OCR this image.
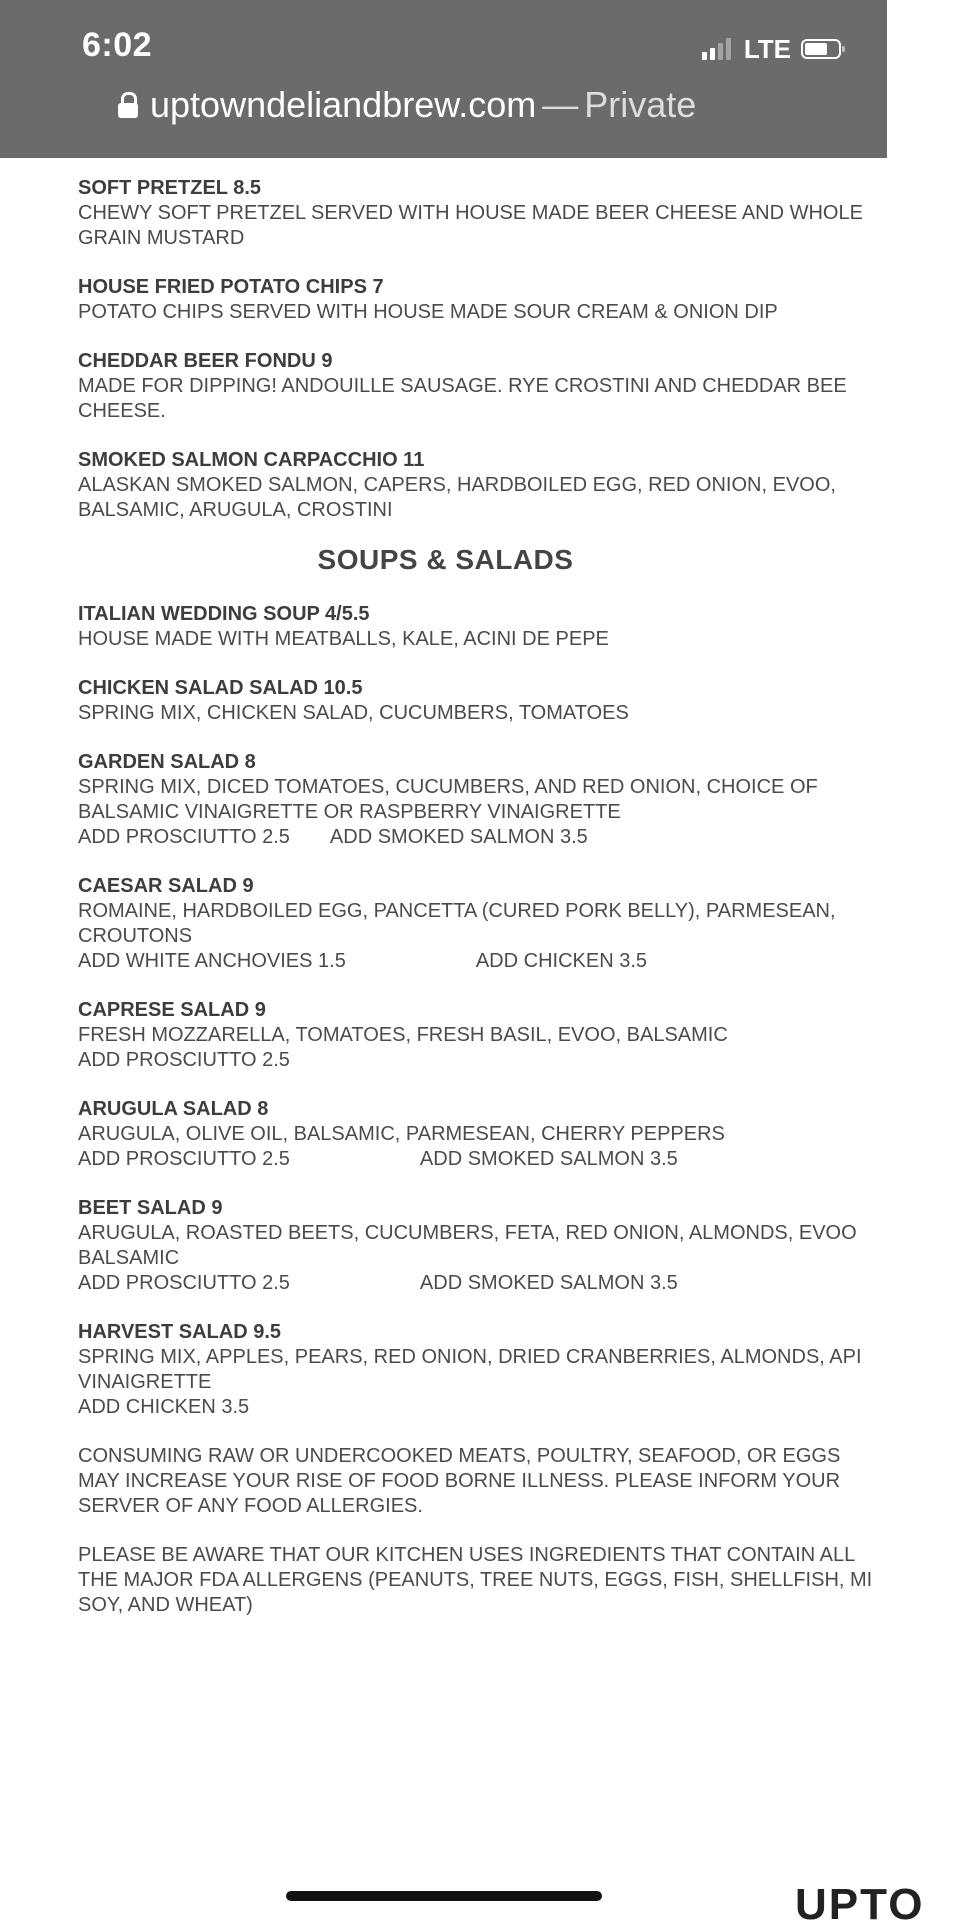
6:02	LTE
uptowndeliandbrew.com — Private
SOFT PRETZEL 8.5
CHEWY SOFT PRETZEL SERVED WITH HOUSE MADE BEER CHEESE AND WHOLE
GRAIN MUSTARD
HOUSE FRIED POTATO CHIPS 7
POTATO CHIPS SERVED WITH HOUSE MADE SOUR CREAM & ONION DIP
CHEDDAR BEER FONDU 9
MADE FOR DIPPING! ANDOUILLE SAUSAGE. RYE CROSTINI AND CHEDDAR BEE
CHEESE.
SMOKED SALMON CARPACCHIO 11
ALASKAN SMOKED SALMON, CAPERS, HARDBOILED EGG, RED ONION, EVOO,
BALSAMIC, ARUGULA, CROSTINI
SOUPS & SALADS
ITALIAN WEDDING SOUP 4/5.5
HOUSE MADE WITH MEATBALLS, KALE, ACINI DE PEPE
CHICKEN SALAD SALAD 10.5
SPRING MIX, CHICKEN SALAD, CUCUMBERS, TOMATOES
GARDEN SALAD 8
SPRING MIX, DICED TOMATOES, CUCUMBERS, AND RED ONION, CHOICE OF
BALSAMIC VINAIGRETTE OR RASPBERRY VINAIGRETTE
ADD PROSCIUTTO 2.5 ADD SMOKED SALMON 3.5
CAESAR SALAD 9
ROMAINE, HARDBOILED EGG, PANCETTA (CURED PORK BELLY), PARMESEAN,
CROUTONS
ADD WHITE ANCHOVIES 1.5	ADD CHICKEN 3.5
CAPRESE SALAD 9
FRESH MOZZARELLA, TOMATOES, FRESH BASIL, EVOO, BALSAMIC
ADD PROSCIUTTO 2.5
ARUGULA SALAD 8
ARUGULA, OLIVE OIL, BALSAMIC, PARMESEAN, CHERRY PEPPERS
ADD PROSCIUTTO 2.5	ADD SMOKED SALMON 3.5
BEET SALAD 9
ARUGULA, ROASTED BEETS, CUCUMBERS, FETA, RED ONION, ALMONDS, EVOO
BALSAMIC
ADD PROSCIUTTO 2.5	ADD SMOKED SALMON 3.5
HARVEST SALAD 9.5
SPRING MIX, APPLES, PEARS, RED ONION, DRIED CRANBERRIES, ALMONDS, API
VINAIGRETTE
ADD CHICKEN 3.5
CONSUMING RAW OR UNDERCOOKED MEATS, POULTRY, SEAFOOD, OR EGGS
MAY INCREASE YOUR RISE OF FOOD BORNE ILLNESS. PLEASE INFORM YOUR
SERVER OF ANY FOOD ALLERGIES.
PLEASE BE AWARE THAT OUR KITCHEN USES INGREDIENTS THAT CONTAIN ALL
THE MAJOR FDA ALLERGENS (PEANUTS, TREE NUTS, EGGS, FISH, SHELLFISH, MI
SOY, AND WHEAT)
UPTO
